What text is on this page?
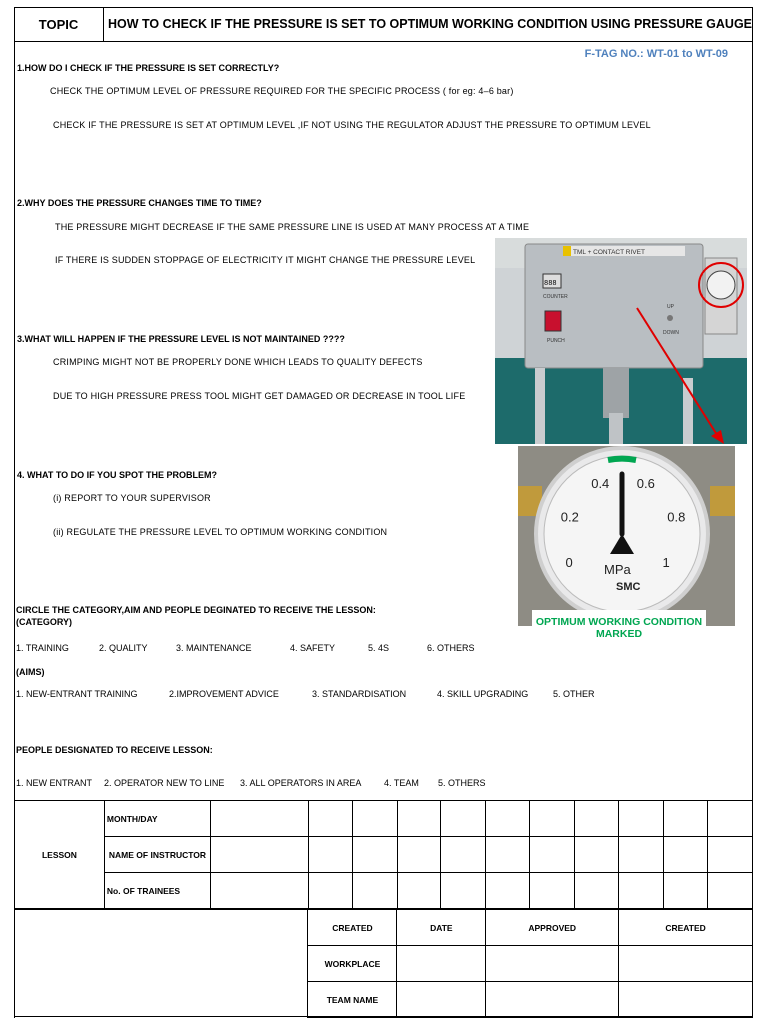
TOPIC	HOW TO CHECK IF THE PRESSURE IS SET TO OPTIMUM WORKING CONDITION USING PRESSURE GAUGE
F-TAG NO.: WT-01 to WT-09
1.HOW DO I CHECK IF THE PRESSURE IS SET CORRECTLY?
CHECK THE OPTIMUM LEVEL OF PRESSURE REQUIRED FOR THE SPECIFIC PROCESS ( for eg: 4–6 bar)
CHECK IF THE PRESSURE IS SET AT OPTIMUM LEVEL ,IF NOT USING THE REGULATOR ADJUST THE PRESSURE TO OPTIMUM LEVEL
2.WHY DOES THE PRESSURE CHANGES TIME TO TIME?
THE PRESSURE MIGHT DECREASE IF THE SAME PRESSURE LINE IS USED AT MANY PROCESS AT A TIME
IF THERE IS SUDDEN STOPPAGE OF ELECTRICITY IT MIGHT CHANGE THE PRESSURE LEVEL
3.WHAT WILL HAPPEN IF THE PRESSURE LEVEL IS NOT MAINTAINED ????
CRIMPING MIGHT NOT BE PROPERLY DONE WHICH LEADS TO QUALITY DEFECTS
DUE TO HIGH PRESSURE PRESS TOOL MIGHT GET DAMAGED OR DECREASE IN TOOL LIFE
4. WHAT TO DO IF YOU SPOT THE PROBLEM?
(i) REPORT TO YOUR SUPERVISOR
(ii) REGULATE THE PRESSURE LEVEL TO OPTIMUM WORKING CONDITION
TML + CONTACT RIVET
888
COUNTER
PUNCH
UP
DOWN
0
0.2
0.4 0.6
0.8
1
MPa
SMC
OPTIMUM WORKING CONDITION MARKED
CIRCLE THE CATEGORY,AIM AND PEOPLE DEGINATED TO RECEIVE THE LESSON:
(CATEGORY)
1. TRAINING	2. QUALITY	3. MAINTENANCE	4. SAFETY	5. 4S	6. OTHERS
(AIMS)
1. NEW-ENTRANT TRAINING	2.IMPROVEMENT ADVICE	3. STANDARDISATION	4. SKILL UPGRADING	5. OTHER
PEOPLE DESIGNATED TO RECEIVE LESSON:
1. NEW ENTRANT 2. OPERATOR NEW TO LINE 3. ALL OPERATORS IN AREA	4. TEAM 5. OTHERS
LESSON	MONTH/DAY											
	NAME OF INSTRUCTOR											
	No. OF TRAINEES											
	CREATED	DATE	APPROVED	CREATED
	WORKPLACE			
	TEAM NAME			
